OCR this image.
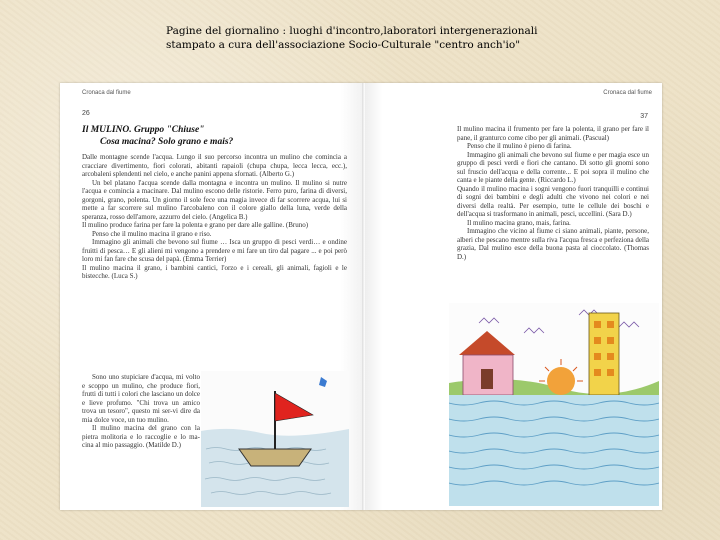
Pagine del giornalino : luoghi d'incontro,laboratori intergenerazionali
stampato a cura dell'associazione Socio-Culturale "centro anch'io"
Cronaca dal fiume
26
Il MULINO. Gruppo "Chiuse"
Cosa macina? Solo grano e mais?

Dalle montagne scende l'acqua. Lungo il suo percorso incontra un mulino che comincia a cracciare divertimento, fiori colorati, abitanti rapaioli (chupa chupa, lecca lecca, ecc.), arcobaleni splendenti nel cielo, e anche panini appena sfornati. (Alberto G.)

Un bel platano l'acqua scende dalla montagna e incontra un mulino. Il mulino si nutre l'acqua e comincia a macinare. Dal mulino escono delle ristorie. Ferro puro, farina di diversi, gorgoni, grano, polenta. Un giorno il sole fece una magia invece di far scorrere acqua, lui si mette a far scorrere sul mulino l'arcobaleno con il colore giallo della luna, verde della speranza, rosso dell'amore, azzurro del cielo. (Angelica B.)

Il mulino produce farina per fare la polenta e grano per dare alle galline. (Bruno)

Penso che il mulino macina il grano e riso.

Immagino gli animali che bevono sul fiume … Isca un gruppo di pesci verdi… e ondine fruitti di pesca… E gli alieni mi vengono a prendere e mi fare un tiro dal pagare ... e poi però loro mi fan fare che scusa del papà. (Emma Terrier)

Il mulino macina il grano, i bambini cantici, l'orzo e i cereali, gli animali, fagioli e le bistecche. (Luca S.)

Sono uno stupiciare d'acqua, mi volto e scoppo un mulino, che produce fiori, frutti di tutti i colori che lasciano un dolce e lieve profumo. "Chi trova un amico trova un tesoro", questo mi ser-vi dire da mia dolce voce, un tuo mulino.

Il mulino macina del grano con la pietra molitoria e lo raccoglie e lo ma-cina al mio passaggio. (Matilde D.)

Cronaca dal fiume
37

Il mulino macina il frumento per fare la polenta, il grano per fare il pane, il granturco come cibo per gli animali. (Pascual)

Penso che il mulino è pieno di farina.

Immagino gli animali che bevono sul fiume e per magia esce un gruppo di pesci verdi e fiori che cantano. Di sotto gli gnomi sono sul fruscio dell'acqua e della corrente... E poi sopra il mulino che canta e le piante della gente. (Riccardo L.)

Quando il mulino macina i sogni vengono fuori tranquilli e continui di sogni dei bambini e degli adulti che vivono nei colori e nei diversi della realtà. Per esempio, tutte le cellule dei boschi e dell'acqua si trasformano in animali, pesci, uccellini. (Sara D.)

Il mulino macina grano, mais, farina.

Immagino che vicino al fiume ci siano animali, piante, persone, alberi che pescano mentre sulla riva l'acqua fresca e perfeziona della grazia, Dal mulino esce della buona pasta al cioccolato. (Thomas D.)
